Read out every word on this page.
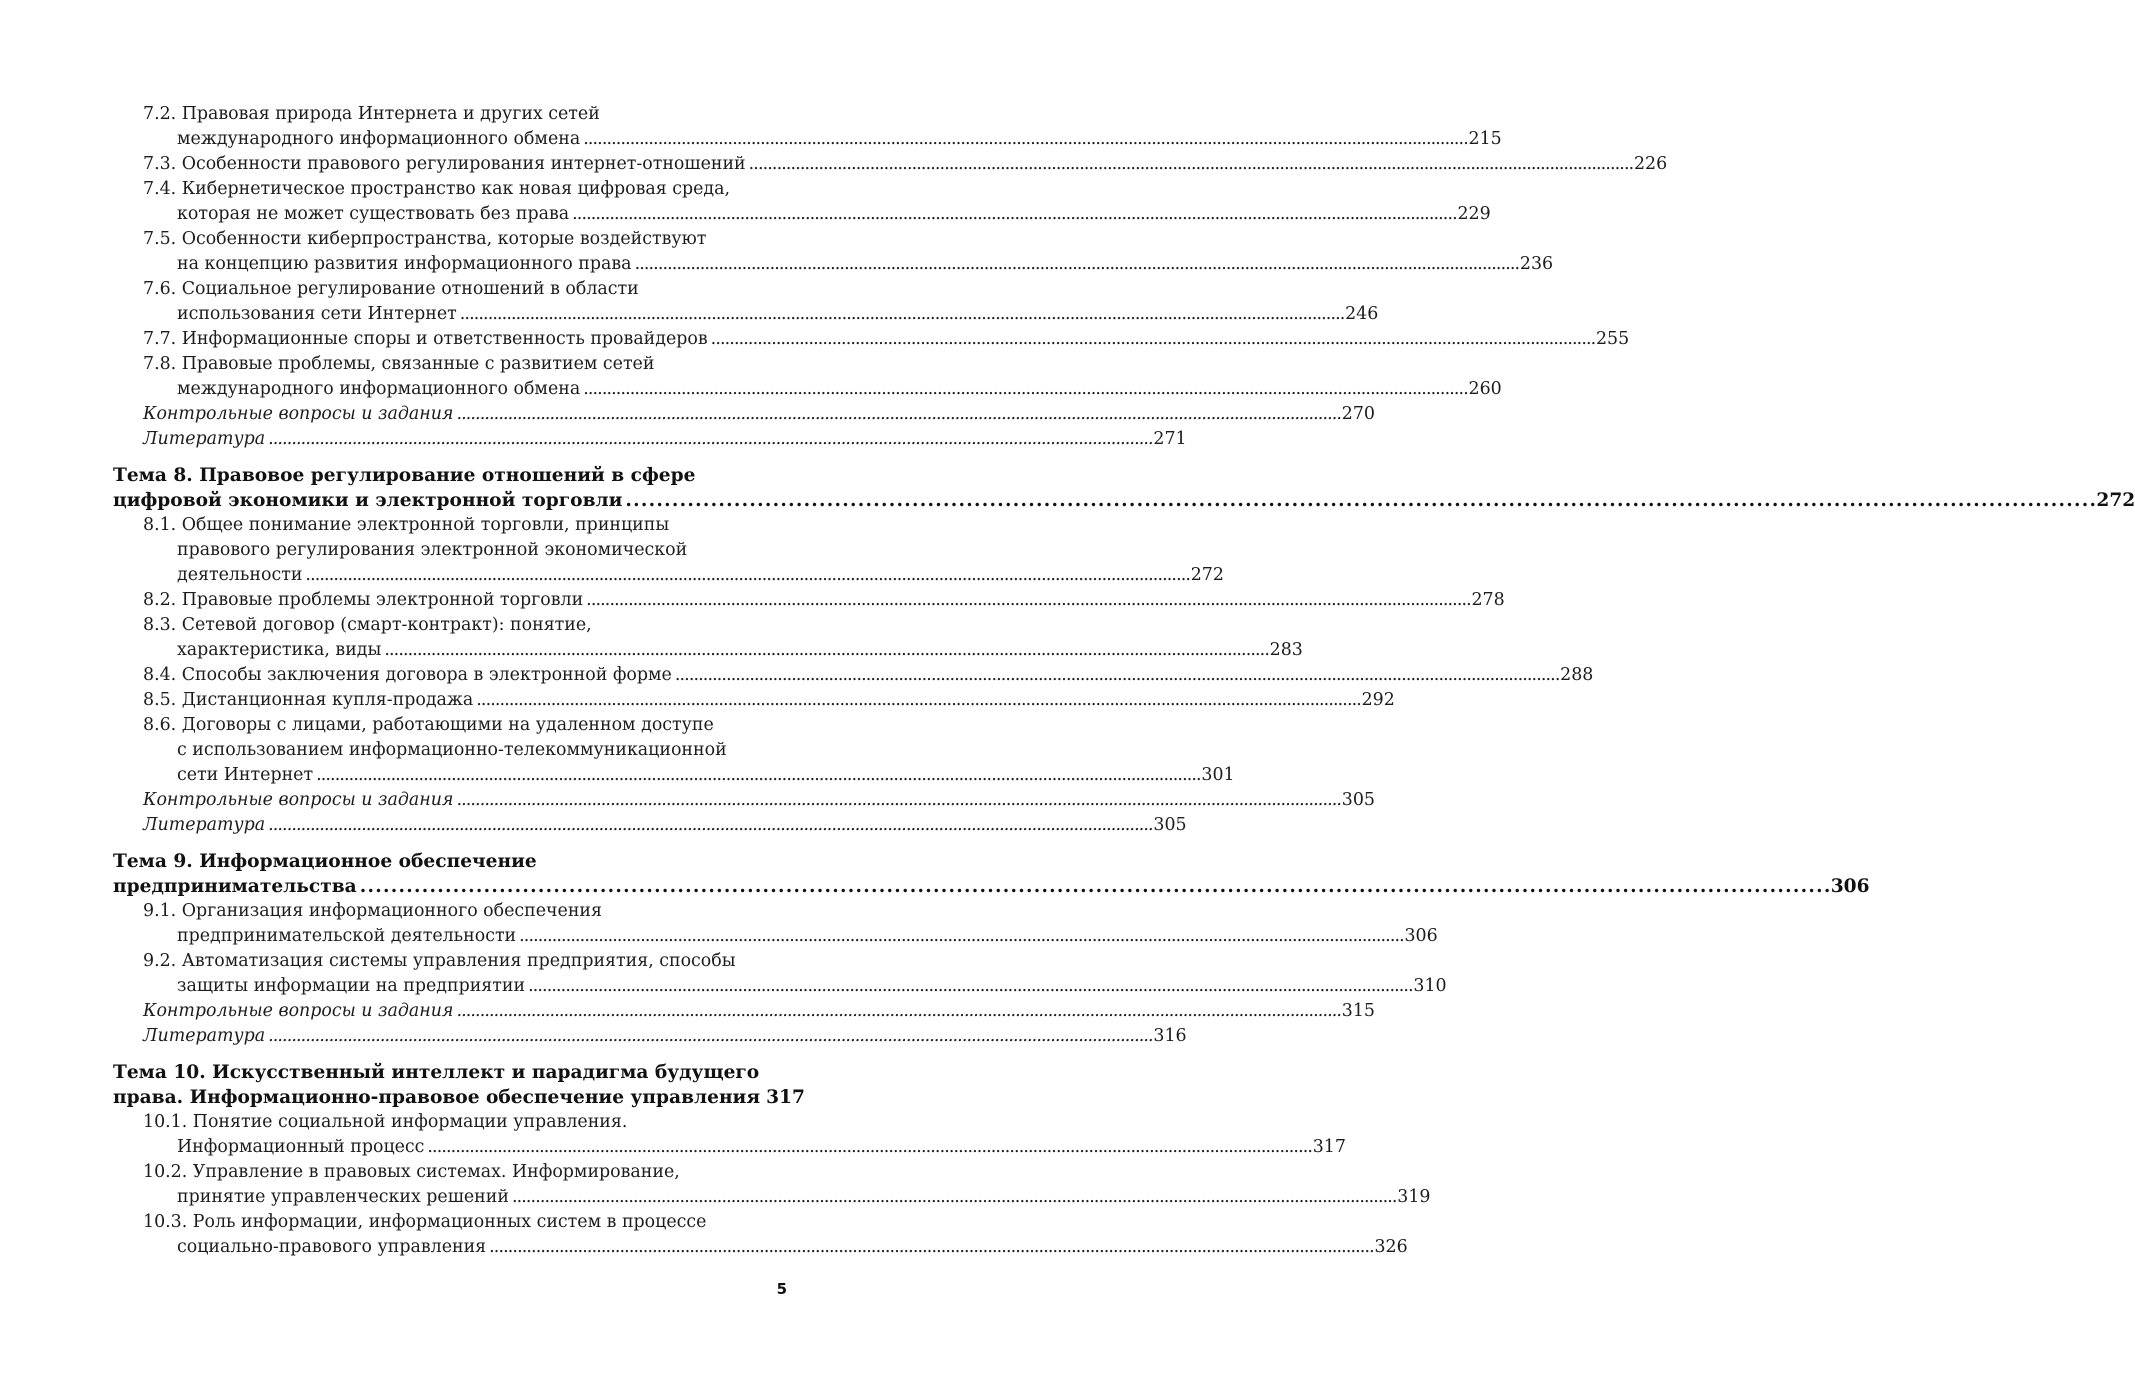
7.2. Правовая природа Интернета и других сетей
международного информационного обмена . . .	215
7.3. Особенности правового регулирования интернет-отношений . . .	226
7.4. Кибернетическое пространство как новая цифровая среда,
которая не может существовать без права . . .	229
7.5. Особенности киберпространства, которые воздействуют
на концепцию развития информационного права . . .	236
7.6. Социальное регулирование отношений в области
использования сети Интернет . . .	246
7.7. Информационные споры и ответственность провайдеров . . .	255
7.8. Правовые проблемы, связанные с развитием сетей
международного информационного обмена . . .	260
Контрольные вопросы и задания . . .	270
Литература . . .	271
Тема 8. Правовое регулирование отношений в сфере
цифровой экономики и электронной торговли . . .	272
8.1. Общее понимание электронной торговли, принципы
правового регулирования электронной экономической
деятельности . . .	272
8.2. Правовые проблемы электронной торговли . . .	278
8.3. Сетевой договор (смарт-контракт): понятие,
характеристика, виды . . .	283
8.4. Способы заключения договора в электронной форме . . .	288
8.5. Дистанционная купля-продажа . . .	292
8.6. Договоры с лицами, работающими на удаленном доступе
с использованием информационно-телекоммуникационной
сети Интернет . . .	301
Контрольные вопросы и задания . . .	305
Литература . . .	305
Тема 9. Информационное обеспечение
предпринимательства . . .	306
9.1. Организация информационного обеспечения
предпринимательской деятельности . . .	306
9.2. Автоматизация системы управления предприятия, способы
защиты информации на предприятии . . .	310
Контрольные вопросы и задания . . .	315
Литература . . .	316
Тема 10. Искусственный интеллект и парадигма будущего
права. Информационно-правовое обеспечение управления 317
10.1. Понятие социальной информации управления.
Информационный процесс . . .	317
10.2. Управление в правовых системах. Информирование,
принятие управленческих решений . . .	319
10.3. Роль информации, информационных систем в процессе
социально-правового управления . . .	326
5
